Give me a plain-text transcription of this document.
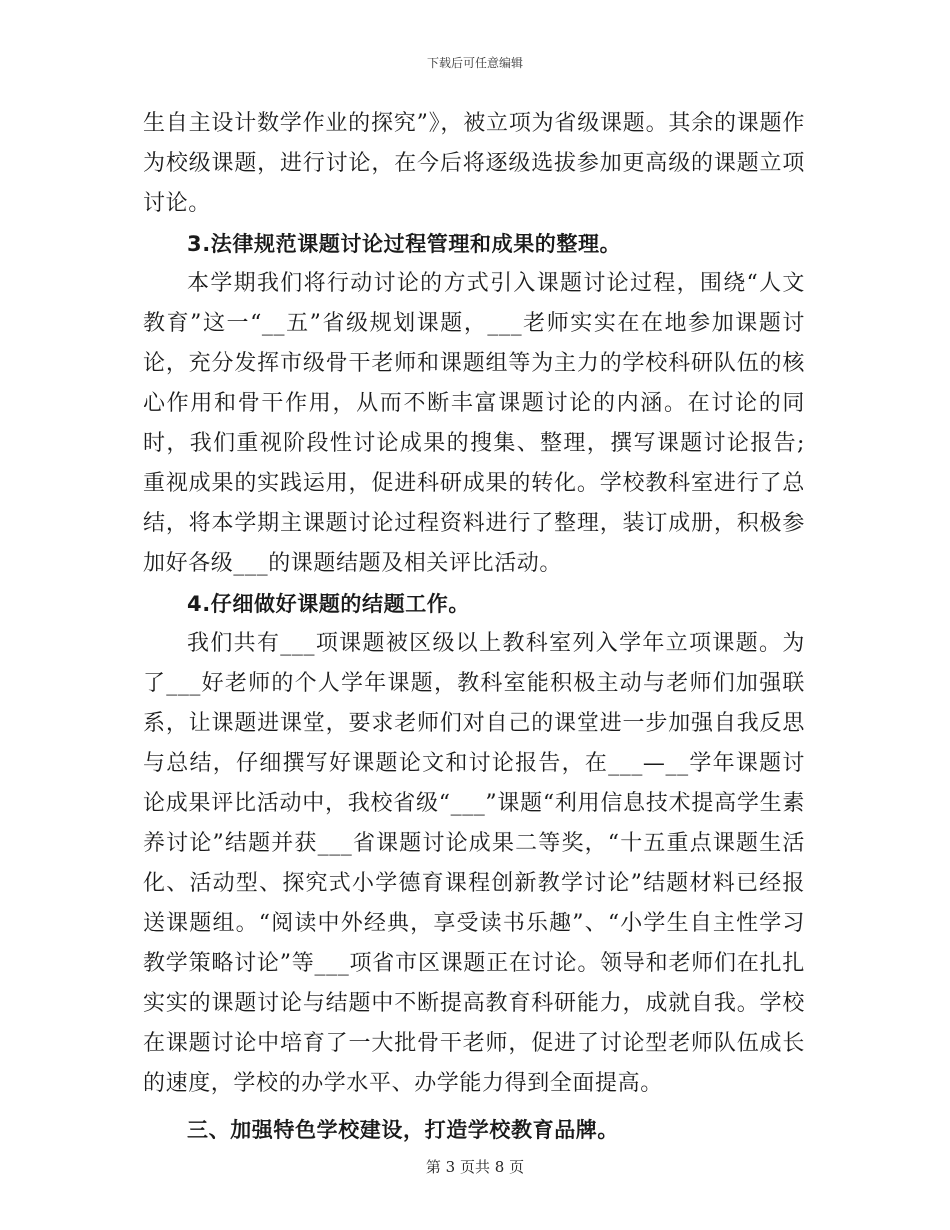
下载后可任意编辑

生自主设计数学作业的探究”》，被立项为省级课题。其余的课题作为校级课题，进行讨论，在今后将逐级选拔参加更高级的课题立项讨论。

3.法律规范课题讨论过程管理和成果的整理。

本学期我们将行动讨论的方式引入课题讨论过程，围绕“人文教育”这一“__五”省级规划课题，___老师实实在在地参加课题讨论，充分发挥市级骨干老师和课题组等为主力的学校科研队伍的核心作用和骨干作用，从而不断丰富课题讨论的内涵。在讨论的同时，我们重视阶段性讨论成果的搜集、整理，撰写课题讨论报告;重视成果的实践运用，促进科研成果的转化。学校教科室进行了总结，将本学期主课题讨论过程资料进行了整理，装订成册，积极参加好各级___的课题结题及相关评比活动。

4.仔细做好课题的结题工作。

我们共有___项课题被区级以上教科室列入学年立项课题。为了___好老师的个人学年课题，教科室能积极主动与老师们加强联系，让课题进课堂，要求老师们对自己的课堂进一步加强自我反思与总结，仔细撰写好课题论文和讨论报告，在___—__学年课题讨论成果评比活动中，我校省级“___”课题“利用信息技术提高学生素养讨论”结题并获___省课题讨论成果二等奖，“十五重点课题生活化、活动型、探究式小学德育课程创新教学讨论”结题材料已经报送课题组。“阅读中外经典，享受读书乐趣”、“小学生自主性学习教学策略讨论”等___项省市区课题正在讨论。领导和老师们在扎扎实实的课题讨论与结题中不断提高教育科研能力，成就自我。学校在课题讨论中培育了一大批骨干老师，促进了讨论型老师队伍成长的速度，学校的办学水平、办学能力得到全面提高。

三、加强特色学校建设，打造学校教育品牌。

第 3 页共 8 页
